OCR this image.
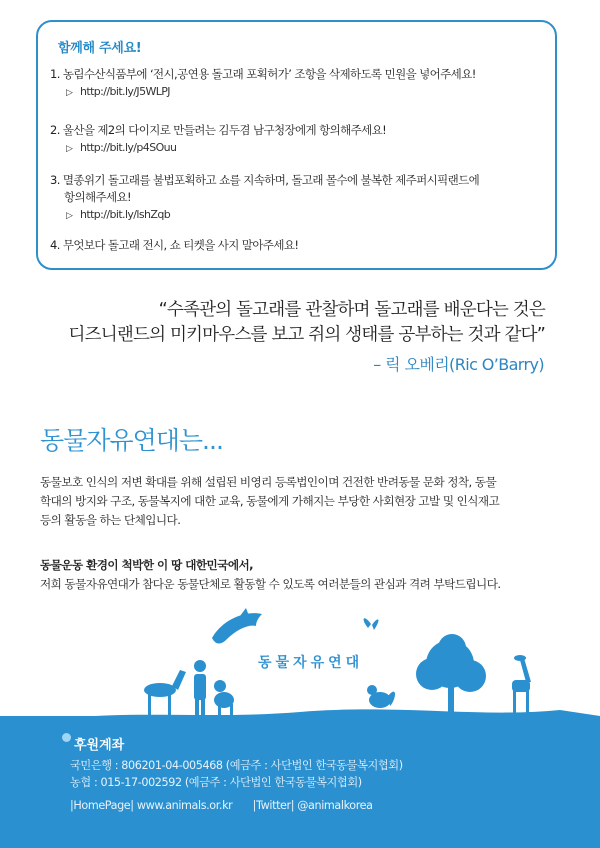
함께해 주세요!
1. 농림수산식품부에 ‘전시,공연용 돌고래 포획허가’ 조항을 삭제하도록 민원을 넣어주세요!
▷ http://bit.ly/J5WLPJ
2. 울산을 제2의 다이지로 만들려는 김두겸 남구청장에게 항의해주세요!
▷ http://bit.ly/p4SOuu
3. 멸종위기 돌고래를 불법포획하고 쇼를 지속하며, 돌고래 몰수에 불복한 제주퍼시픽랜드에
항의해주세요!
▷ http://bit.ly/lshZqb
4. 무엇보다 돌고래 전시, 쇼 티켓을 사지 말아주세요!
“수족관의 돌고래를 관찰하며 돌고래를 배운다는 것은
디즈니랜드의 미키마우스를 보고 쥐의 생태를 공부하는 것과 같다”
– 릭 오베리(Ric O’Barry)
동물자유연대는...
동물보호 인식의 저변 확대를 위해 설립된 비영리 등록법인이며 건전한 반려동물 문화 정착, 동물
학대의 방지와 구조, 동물복지에 대한 교육, 동물에게 가해지는 부당한 사회현장 고발 및 인식재고
등의 활동을 하는 단체입니다.
동물운동 환경이 척박한 이 땅 대한민국에서,
저희 동물자유연대가 참다운 동물단체로 활동할 수 있도록 여러분들의 관심과 격려 부탁드립니다.
동물자유연대
후원계좌
국민은행 : 806201-04-005468 (예금주 : 사단법인 한국동물복지협회)
농협 : 015-17-002592 (예금주 : 사단법인 한국동물복지협회)
|HomePage| www.animals.or.kr |Twitter| @animalkorea
